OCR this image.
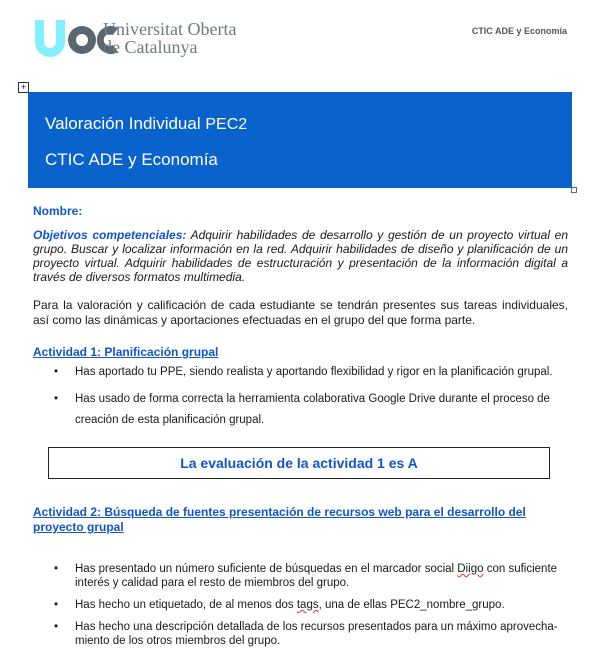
Universitat Oberta
de Catalunya
CTIC ADE y Economía
+
Valoración Individual PEC2
CTIC ADE y Economía
Nombre:
Objetivos competenciales: Adquirir habilidades de desarrollo y gestión de un proyecto virtual en grupo. Buscar y localizar información en la red. Adquirir habilidades de diseño y planificación de un proyecto virtual. Adquirir habilidades de estructuración y presentación de la información digital a través de diversos formatos multimedia.
Para la valoración y calificación de cada estudiante se tendrán presentes sus tareas individuales, así como las dinámicas y aportaciones efectuadas en el grupo del que forma parte.
Actividad 1: Planificación grupal
• Has aportado tu PPE, siendo realista y aportando flexibilidad y rigor en la planificación grupal.
• Has usado de forma correcta la herramienta colaborativa Google Drive durante el proceso de creación de esta planificación grupal.
La evaluación de la actividad 1 es A
Actividad 2: Búsqueda de fuentes presentación de recursos web para el desarrollo del proyecto grupal
• Has presentado un número suficiente de búsquedas en el marcador social Diigo con suficiente interés y calidad para el resto de miembros del grupo.
• Has hecho un etiquetado, de al menos dos tags, una de ellas PEC2_nombre_grupo.
• Has hecho una descripción detallada de los recursos presentados para un máximo aprovecha-miento de los otros miembros del grupo.
